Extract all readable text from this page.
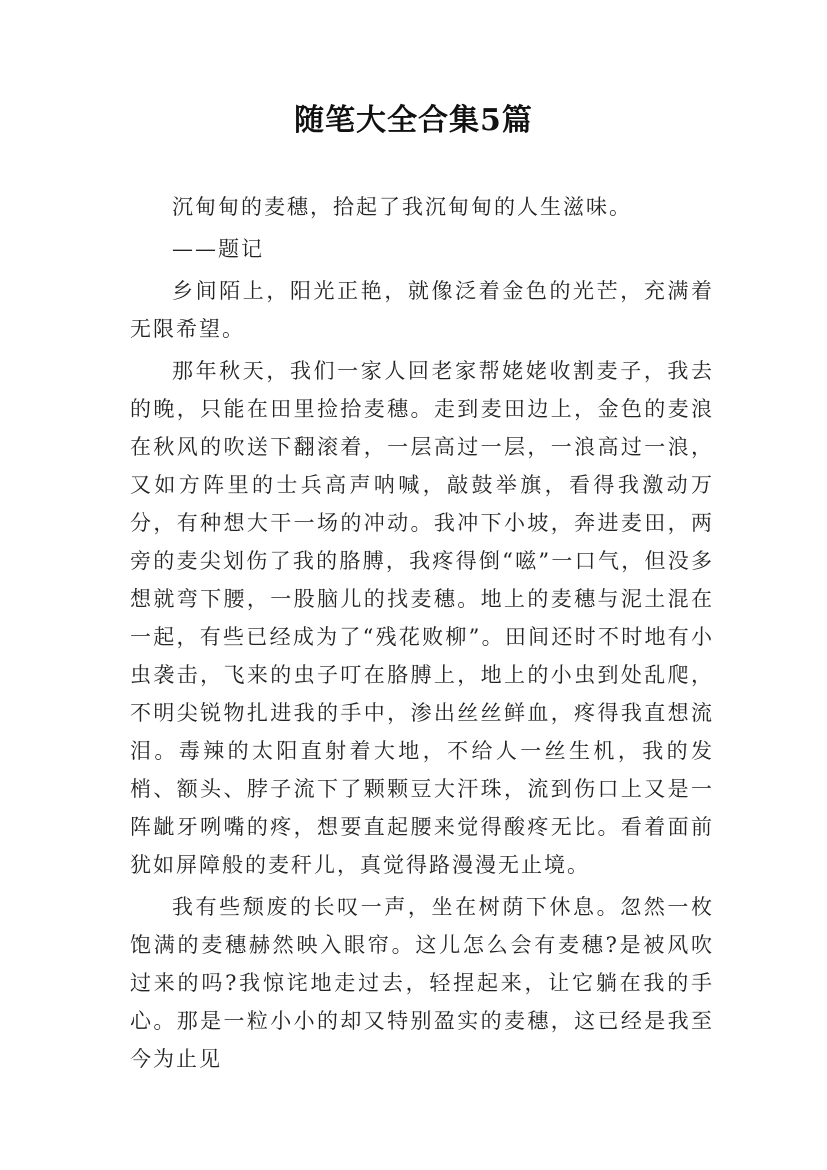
随笔大全合集5篇

沉甸甸的麦穗，拾起了我沉甸甸的人生滋味。

——题记

乡间陌上，阳光正艳，就像泛着金色的光芒，充满着无限希望。

那年秋天，我们一家人回老家帮姥姥收割麦子，我去的晚，只能在田里捡拾麦穗。走到麦田边上，金色的麦浪在秋风的吹送下翻滚着，一层高过一层，一浪高过一浪，又如方阵里的士兵高声呐喊，敲鼓举旗，看得我激动万分，有种想大干一场的冲动。我冲下小坡，奔进麦田，两旁的麦尖划伤了我的胳膊，我疼得倒“嗞”一口气，但没多想就弯下腰，一股脑儿的找麦穗。地上的麦穗与泥土混在一起，有些已经成为了“残花败柳”。田间还时不时地有小虫袭击，飞来的虫子叮在胳膊上，地上的小虫到处乱爬，不明尖锐物扎进我的手中，渗出丝丝鲜血，疼得我直想流泪。毒辣的太阳直射着大地，不给人一丝生机，我的发梢、额头、脖子流下了颗颗豆大汗珠，流到伤口上又是一阵龇牙咧嘴的疼，想要直起腰来觉得酸疼无比。看着面前犹如屏障般的麦秆儿，真觉得路漫漫无止境。

我有些颓废的长叹一声，坐在树荫下休息。忽然一枚饱满的麦穗赫然映入眼帘。这儿怎么会有麦穗?是被风吹过来的吗?我惊诧地走过去，轻捏起来，让它躺在我的手心。那是一粒小小的却又特别盈实的麦穗，这已经是我至今为止见
